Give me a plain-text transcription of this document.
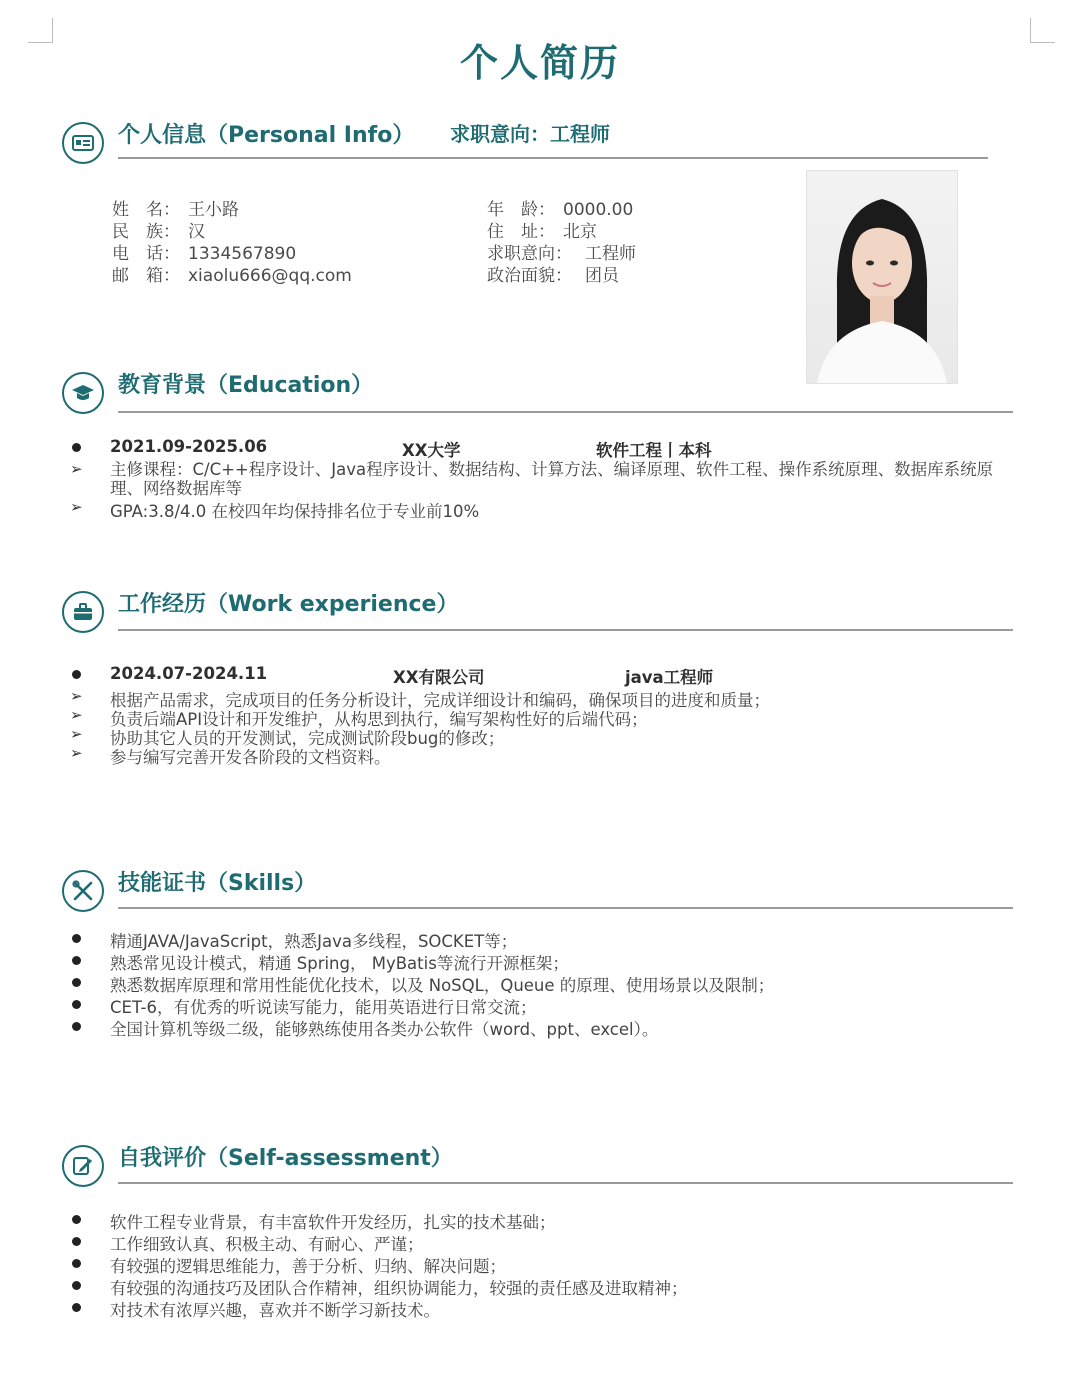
个人简历
个人信息（Personal Info） 求职意向：工程师
姓　名： 王小路
民　族： 汉
电　话： 1334567890
邮　箱： xiaolu666@qq.com
年　龄： 0000.00
住　址： 北京
求职意向： 工程师
政治面貌： 团员
教育背景（Education）
2021.09-2025.06	XX大学	软件工程丨本科
➢ 主修课程：C/C++程序设计、Java程序设计、数据结构、计算方法、编译原理、软件工程、操作系统原理、数据库系统原理、网络数据库等
➢ GPA:3.8/4.0 在校四年均保持排名位于专业前10%
工作经历（Work experience）
2024.07-2024.11	XX有限公司	java工程师
➢ 根据产品需求，完成项目的任务分析设计，完成详细设计和编码，确保项目的进度和质量；
➢ 负责后端API设计和开发维护，从构思到执行，编写架构性好的后端代码；
➢ 协助其它人员的开发测试，完成测试阶段bug的修改；
➢ 参与编写完善开发各阶段的文档资料。
技能证书（Skills）
精通JAVA/JavaScript，熟悉Java多线程，SOCKET等；
熟悉常见设计模式，精通 Spring， MyBatis等流行开源框架；
熟悉数据库原理和常用性能优化技术，以及 NoSQL，Queue 的原理、使用场景以及限制；
CET-6，有优秀的听说读写能力，能用英语进行日常交流；
全国计算机等级二级，能够熟练使用各类办公软件（word、ppt、excel）。
自我评价（Self-assessment）
软件工程专业背景，有丰富软件开发经历，扎实的技术基础；
工作细致认真、积极主动、有耐心、严谨；
有较强的逻辑思维能力，善于分析、归纳、解决问题；
有较强的沟通技巧及团队合作精神，组织协调能力，较强的责任感及进取精神；
对技术有浓厚兴趣，喜欢并不断学习新技术。
